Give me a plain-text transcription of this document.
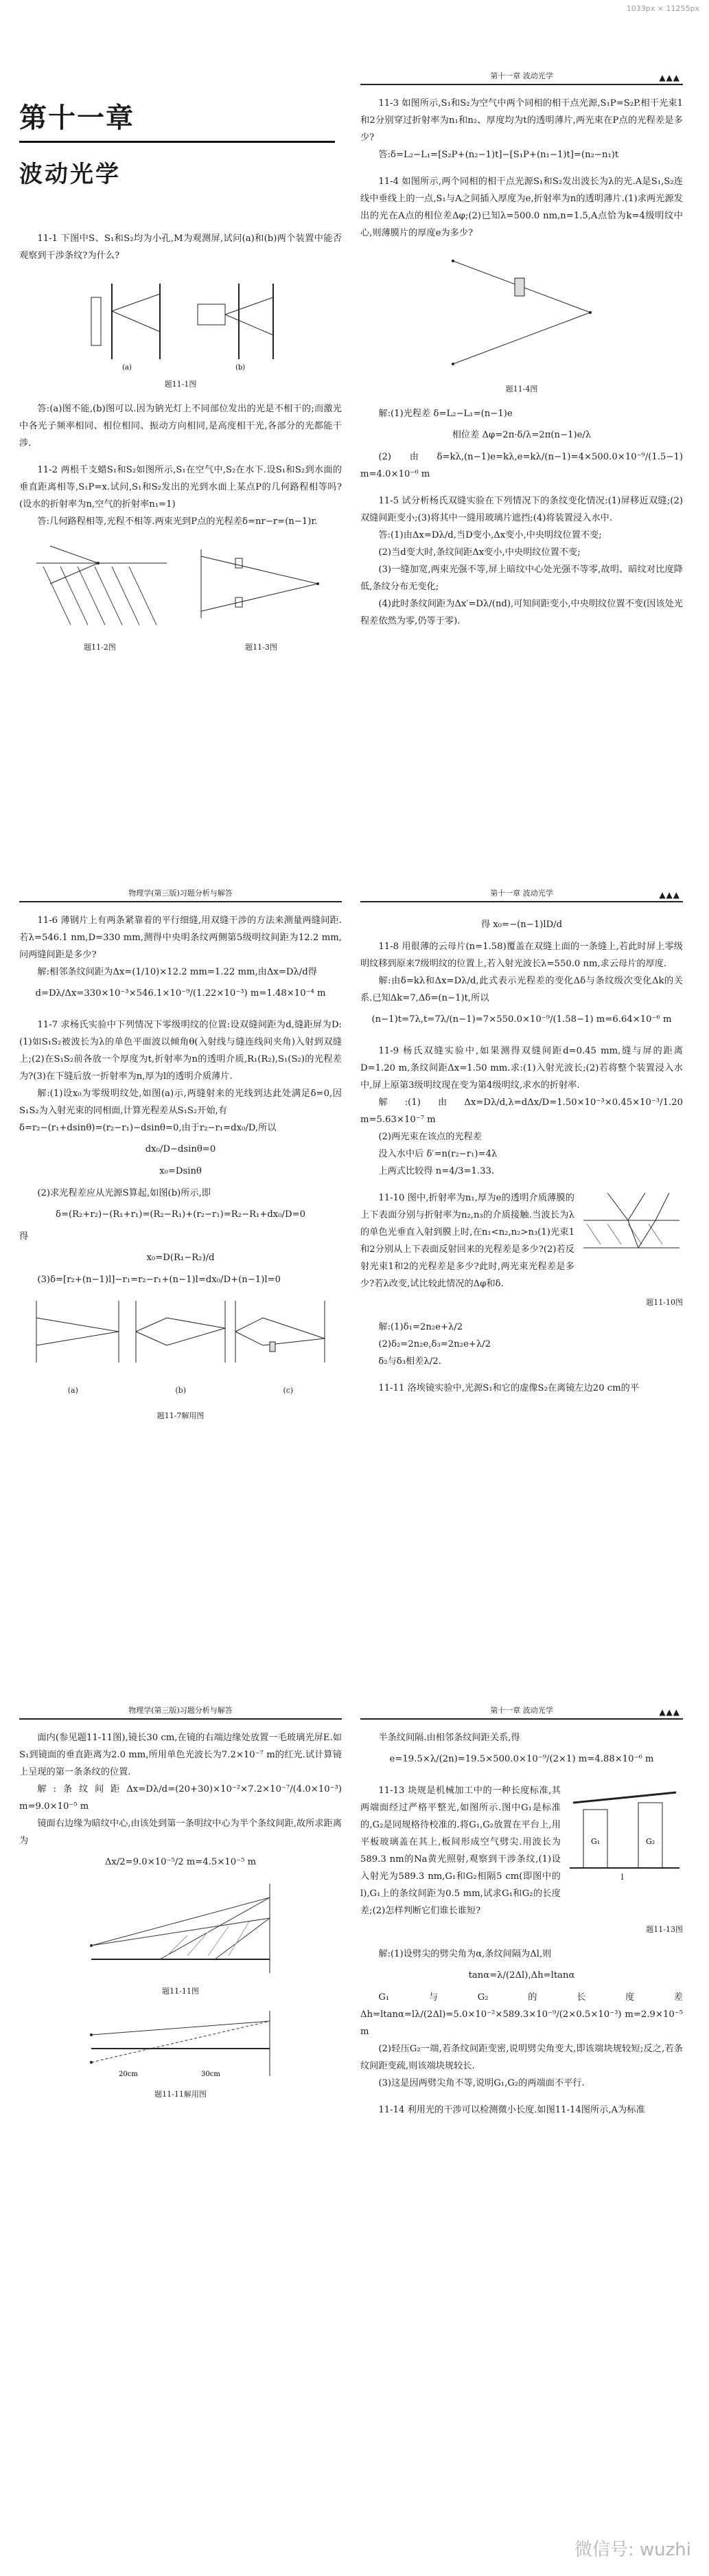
1033px × 11255px
第十一章
波动光学

11-1 下图中S、S₁和S₂均为小孔,M为观测屏,试问(a)和(b)两个装置中能否观察到干涉条纹?为什么?

(a)	(b)
题11-1图

答:(a)图不能,(b)图可以.因为钠光灯上不同部位发出的光是不相干的;而激光中各光子频率相同、相位相同、振动方向相同,是高度相干光,各部分的光都能干涉.

11-2 两根千支蜡S₁和S₂如图所示,S₁在空气中,S₂在水下.设S₁和S₂到水面的垂直距离相等,S₁P=x.试问,S₁和S₂发出的光到水面上某点P的几何路程相等吗?(设水的折射率为n,空气的折射率n₁=1)

答:几何路程相等,光程不相等.两束光到P点的光程差δ=nr−r=(n−1)r.

题11-2图	题11-3图
第十一章 波动光学	▲▲▲

11-3 如图所示,S₁和S₂为空气中两个同相的相干点光源,S₁P=S₂P.相干光束1和2分别穿过折射率为n₁和n₂、厚度均为t的透明薄片,两光束在P点的光程差是多少?

答:δ=L₂−L₁=[S₂P+(n₂−1)t]−[S₁P+(n₁−1)t]=(n₂−n₁)t

11-4 如图所示,两个同相的相干点光源S₁和S₂发出波长为λ的光.A是S₁,S₂连线中垂线上的一点,S₁与A之间插入厚度为e,折射率为n的透明薄片.(1)求两光源发出的光在A点的相位差Δφ;(2)已知λ=500.0 nm,n=1.5,A点恰为k=4级明纹中心,则薄膜片的厚度e为多少?

题11-4图

解:(1)光程差 δ=L₂−L₁=(n−1)e

相位差 Δφ=2π·δ/λ=2π(n−1)e/λ

(2)由δ=kλ,(n−1)e=kλ,e=kλ/(n−1)=4×500.0×10⁻⁹/(1.5−1) m=4.0×10⁻⁶ m

11-5 试分析杨氏双缝实验在下列情况下的条纹变化情况:(1)屏移近双缝;(2)双缝间距变小;(3)将其中一缝用玻璃片遮挡;(4)将装置浸入水中.

答:(1)由Δx=Dλ/d,当D变小,Δx变小,中央明纹位置不变;

(2)当d变大时,条纹间距Δx变小,中央明纹位置不变;

(3)一缝加宽,两束光强不等,屏上暗纹中心处光强不等零,故明、暗纹对比度降低,条纹分布无变化;

(4)此时条纹间距为Δx′=Dλ/(nd),可知间距变小,中央明纹位置不变(因该处光程差依然为零,仍等于零).

物理学(第三版)习题分析与解答

11-6 薄钢片上有两条紧靠着的平行细缝,用双缝干涉的方法来测量两缝间距.若λ=546.1 nm,D=330 mm,测得中央明条纹两侧第5级明纹间距为12.2 mm,问两缝间距是多少?

解:相邻条纹间距为Δx=(1/10)×12.2 mm=1.22 mm,由Δx=Dλ/d得

d=Dλ/Δx=330×10⁻³×546.1×10⁻⁹/(1.22×10⁻³) m=1.48×10⁻⁴ m

11-7 求杨氏实验中下列情况下零级明纹的位置:设双缝间距为d,缝距屏为D:(1)如S₁S₂被波长为λ的单色平面波以倾角θ(入射线与缝连线间夹角)入射到双缝上;(2)在S₁S₂前各放一个厚度为t,折射率为n的透明介质,R₁(R₂),S₁(S₂)的光程差为?(3)在下缝后放一折射率为n,厚为l的透明介质薄片.

解:(1)设x₀为零级明纹处,如图(a)示,两缝射来的光线到达此处满足δ=0,因S₁S₂为入射光束的同相面,计算光程差从S₁S₂开始,有

δ=r₂−(r₁+dsinθ)=(r₂−r₁)−dsinθ=0,由于r₂−r₁=dx₀/D,所以

dx₀/D−dsinθ=0
x₀=Dsinθ

(2)求光程差应从光源S算起,如图(b)所示,即

δ=(R₂+r₂)−(R₁+r₁)=(R₂−R₁)+(r₂−r₁)=R₂−R₁+dx₀/D=0

得

x₀=D(R₁−R₂)/d

(3)δ=[r₂+(n−1)l]−r₁=r₂−r₁+(n−1)l=dx₀/D+(n−1)l=0

(a)	(b)	(c)
题11-7解用图
第十一章 波动光学	▲▲▲
得 x₀=−(n−1)lD/d

11-8 用很薄的云母片(n=1.58)覆盖在双缝上面的一条缝上,若此时屏上零级明纹移到原来7级明纹的位置上,若入射光波长λ=550.0 nm,求云母片的厚度.

解:由δ=kλ和Δx=Dλ/d,此式表示光程差的变化Δδ与条纹级次变化Δk的关系.已知Δk=7,Δδ=(n−1)t,所以

(n−1)t=7λ,t=7λ/(n−1)=7×550.0×10⁻⁹/(1.58−1) m=6.64×10⁻⁶ m

11-9 杨氏双缝实验中,如果测得双缝间距d=0.45 mm,缝与屏的距离D=1.20 m,条纹间距Δx=1.50 mm.求:(1)入射光波长;(2)若将整个装置浸入水中,屏上原第3级明纹现在变为第4级明纹,求水的折射率.

解:(1)由Δx=Dλ/d,λ=dΔx/D=1.50×10⁻³×0.45×10⁻³/1.20 m=5.63×10⁻⁷ m

(2)两光束在该点的光程差

没入水中后 δ′=n(r₂−r₁)=4λ

上两式比较得 n=4/3=1.33.

11-10 图中,折射率为n₁,厚为e的透明介质薄膜的上下表面分别与折射率为n₂,n₃的介质接触.当波长为λ的单色光垂直入射到膜上时,在n₁<n₂,n₂>n₃(1)光束1和2分别从上下表面反射回来的光程差是多少?(2)若反射光束1和2的光程差是多少?此时,两光束光程差是多少?若λ改变,试比较此情况的Δφ和δ.

题11-10图

解:(1)δ₁=2n₂e+λ/2

(2)δ₂=2n₂e,δ₃=2n₂e+λ/2

δ₂与δ₃相差λ/2.

11-11 洛埃镜实验中,光源S₁和它的虚像S₂在离镜左边20 cm的平

物理学(第三版)习题分析与解答

面内(参见题11-11图),镜长30 cm,在镜的右端边缘处放置一毛玻璃光屏E.如S₁到镜面的垂直距离为2.0 mm,所用单色光波长为7.2×10⁻⁷ m的红光.试计算镜上呈现的第一条条纹的位置.

解:条纹间距Δx=Dλ/d=(20+30)×10⁻²×7.2×10⁻⁷/(4.0×10⁻³) m=9.0×10⁻⁵ m

镜面右边缘为暗纹中心,由该处到第一条明纹中心为半个条纹间距,故所求距离为

Δx/2=9.0×10⁻⁵/2 m=4.5×10⁻⁵ m
题11-11图
20cm	30cm
题11-11解用图
第十一章 波动光学	▲▲▲

半条纹间隔.由相邻条纹间距关系,得

e=19.5×λ/(2n)=19.5×500.0×10⁻⁹/(2×1) m=4.88×10⁻⁶ m
G₁	G₂
l

11-13 块规是机械加工中的一种长度标准,其两端面经过严格平整光,如图所示.图中G₁是标准的,G₂是同规格待校准的.将G₁,G₂放置在平台上,用平板玻璃盖在其上,板间形成空气劈尖.用波长为589.3 nm的Na黄光照射,观察到干涉条纹,(1)设入射光为589.3 nm,G₁和G₂相隔5 cm(即图中的l),G₁上的条纹间距为0.5 mm,试求G₁和G₂的长度差;(2)怎样判断它们谁长谁短?

题11-13图

解:(1)设劈尖的劈尖角为α,条纹间隔为Δl,则

tanα=λ/(2Δl),Δh=ltanα

G₁与G₂的长度差 Δh=ltanα=lλ/(2Δl)=5.0×10⁻²×589.3×10⁻⁹/(2×0.5×10⁻³) m=2.9×10⁻⁵ m

(2)轻压G₂一端,若条纹间距变密,说明劈尖角变大,即该端块规较短;反之,若条纹间距变疏,则该端块规较长.

(3)这是因两劈尖角不等,说明G₁,G₂的两端面不平行.

11-14 利用光的干涉可以检测微小长度.如图11-14图所示,A为标准

微信号: wuzhi
